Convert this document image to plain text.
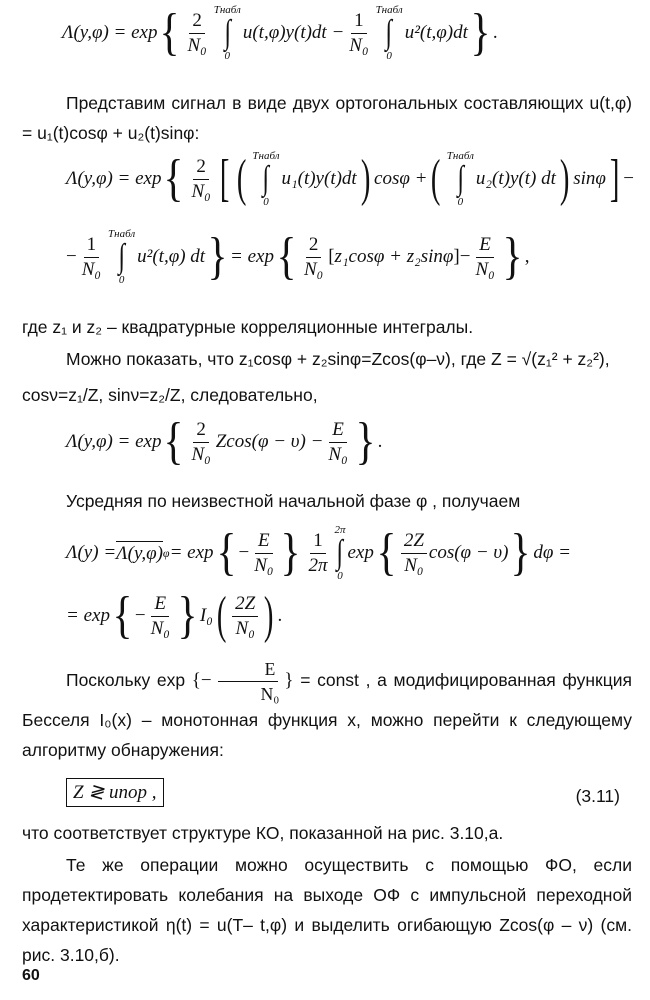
Λ(y,φ) = exp { $\frac{2}{\text{N₀}}$ Tнабл
∫
0
$u(t,\varphi)y(t)dt - \frac{1}{\text{N₀}}$ Tнабл
∫
0
u²(t,φ)dt } .
Представим сигнал в виде двух ортогональных составляющих u(t,φ) = u₁(t)cosφ + u₂(t)sinφ:
Λ(y,φ) = exp { $\frac{2}{\text{N₀}}$ [ ( Tнабл
∫
0
u₁(t)y(t)dt ) cosφ + ( Tнабл
∫
0
u₂(t)y(t) dt ) sinφ ] −
− $\frac{1}{\text{N₀}}$ Tнабл
∫
0
u²(t,φ) dt } = exp { $\frac{2}{\text{N₀}}$ [ z₁cosφ + z₂sinφ ] − $\frac{E}{\text{N₀}}$ } ,
где z₁ и z₂ – квадратурные корреляционные интегралы.
Можно показать, что z₁cosφ + z₂sinφ=Zcos(φ–ν), где Z = √(z₁² + z₂²),
cosν=z₁/Z, sinν=z₂/Z, следовательно,
Λ(y,φ) = exp { $\frac{2}{\text{N₀}} Zcos(\varphi - \upsilon) - \frac{E}{\text{N₀}}$ } .
Усредняя по неизвестной начальной фазе φ , получаем
Λ(y) = Λ(y,φ) φ = exp { − $\frac{E}{\text{N₀}}$ } $\frac{1}{2\pi} 2\pi$
∫
0
exp { $\frac{2Z}{\text{N₀}} \cos(\varphi - \upsilon)$ } dφ =
= exp { − $\frac{E}{\text{N₀}}$ } I₀ ( $\frac{2Z}{\text{N₀}}$ ) .
Поскольку exp {− $\frac{E}{\text{N₀}}$ } = const , а модифицированная функция Бесселя I₀(x) – монотонная функция x, можно перейти к следующему алгоритму обнаружения:
Z ≷ uпор ,	(3.11)
что соответствует структуре КО, показанной на рис. 3.10,а.
Те же операции можно осуществить с помощью ФО, если продетектировать колебания на выходе ОФ с импульсной переходной характеристикой η(t) = u(T– t,φ) и выделить огибающую Zcos(φ – ν) (см. рис. 3.10,б).
60
